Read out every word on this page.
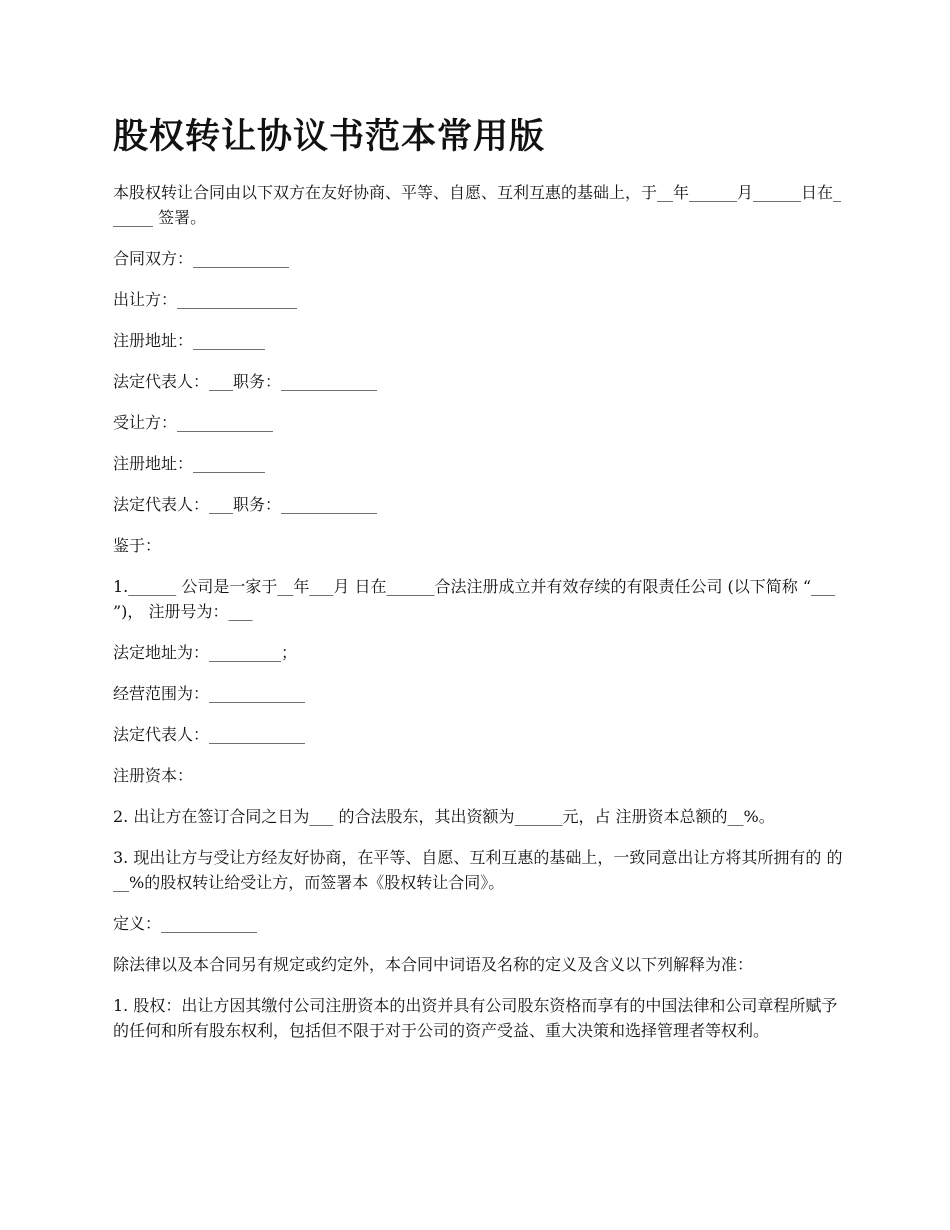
股权转让协议书范本常用版

本股权转让合同由以下双方在友好协商、平等、自愿、互利互惠的基础上，于__年______月______日在______ 签署。

合同双方：____________

出让方：_______________

注册地址：_________

法定代表人：___职务：____________

受让方：____________

注册地址：_________

法定代表人：___职务：____________

鉴于：

1.______ 公司是一家于__年___月 日在______合法注册成立并有效存续的有限责任公司 (以下简称 “___ ”)， 注册号为：___

法定地址为：_________；

经营范围为：____________

法定代表人：____________

注册资本：

2. 出让方在签订合同之日为___ 的合法股东，其出资额为______元，占 注册资本总额的__%。

3. 现出让方与受让方经友好协商，在平等、自愿、互利互惠的基础上，一致同意出让方将其所拥有的 的__%的股权转让给受让方，而签署本《股权转让合同》。

定义：____________

除法律以及本合同另有规定或约定外，本合同中词语及名称的定义及含义以下列解释为准：

1. 股权：出让方因其缴付公司注册资本的出资并具有公司股东资格而享有的中国法律和公司章程所赋予的任何和所有股东权利，包括但不限于对于公司的资产受益、重大决策和选择管理者等权利。
